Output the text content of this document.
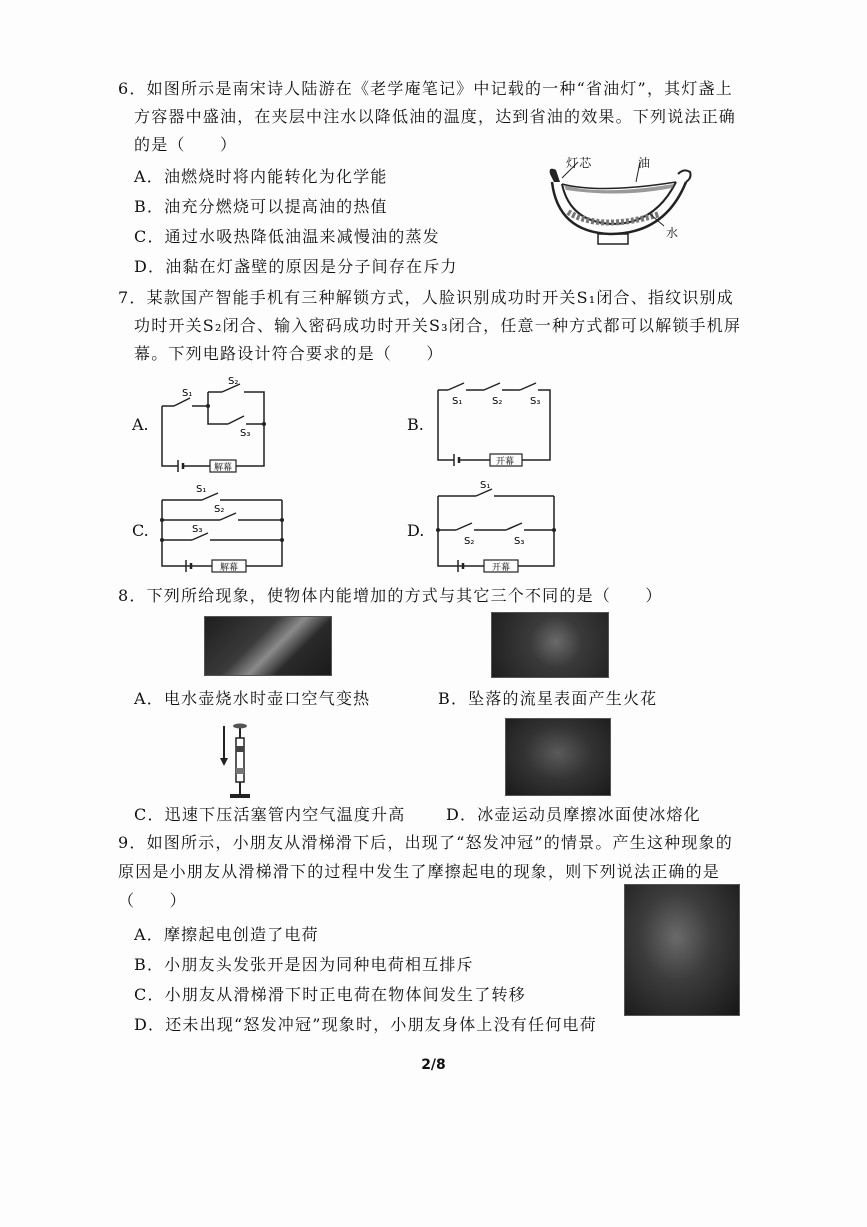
6．如图所示是南宋诗人陆游在《老学庵笔记》中记载的一种“省油灯”，其灯盏上
方容器中盛油，在夹层中注水以降低油的温度，达到省油的效果。下列说法正确
的是（　　）
A．油燃烧时将内能转化为化学能
B．油充分燃烧可以提高油的热值
C．通过水吸热降低油温来减慢油的蒸发
D．油黏在灯盏壁的原因是分子间存在斥力
灯芯	油
水
7．某款国产智能手机有三种解锁方式，人脸识别成功时开关S₁闭合、指纹识别成
功时开关S₂闭合、输入密码成功时开关S₃闭合，任意一种方式都可以解锁手机屏
幕。下列电路设计符合要求的是（　　）
A.
S₁
S₂
S₃
解幕
B.
S₁	S₂	S₃
开幕
C.
S₁
S₂
S₃
解幕
D.
S₁
S₂	S₃
开幕
8．下列所给现象，使物体内能增加的方式与其它三个不同的是（　　）
A．电水壶烧水时壶口空气变热	B．坠落的流星表面产生火花
C．迅速下压活塞管内空气温度升高	D．冰壶运动员摩擦冰面使冰熔化
9．如图所示，小朋友从滑梯滑下后，出现了“怒发冲冠”的情景。产生这种现象的
原因是小朋友从滑梯滑下的过程中发生了摩擦起电的现象，则下列说法正确的是
（　　）
A．摩擦起电创造了电荷
B．小朋友头发张开是因为同种电荷相互排斥
C．小朋友从滑梯滑下时正电荷在物体间发生了转移
D．还未出现“怒发冲冠”现象时，小朋友身体上没有任何电荷
2/8
